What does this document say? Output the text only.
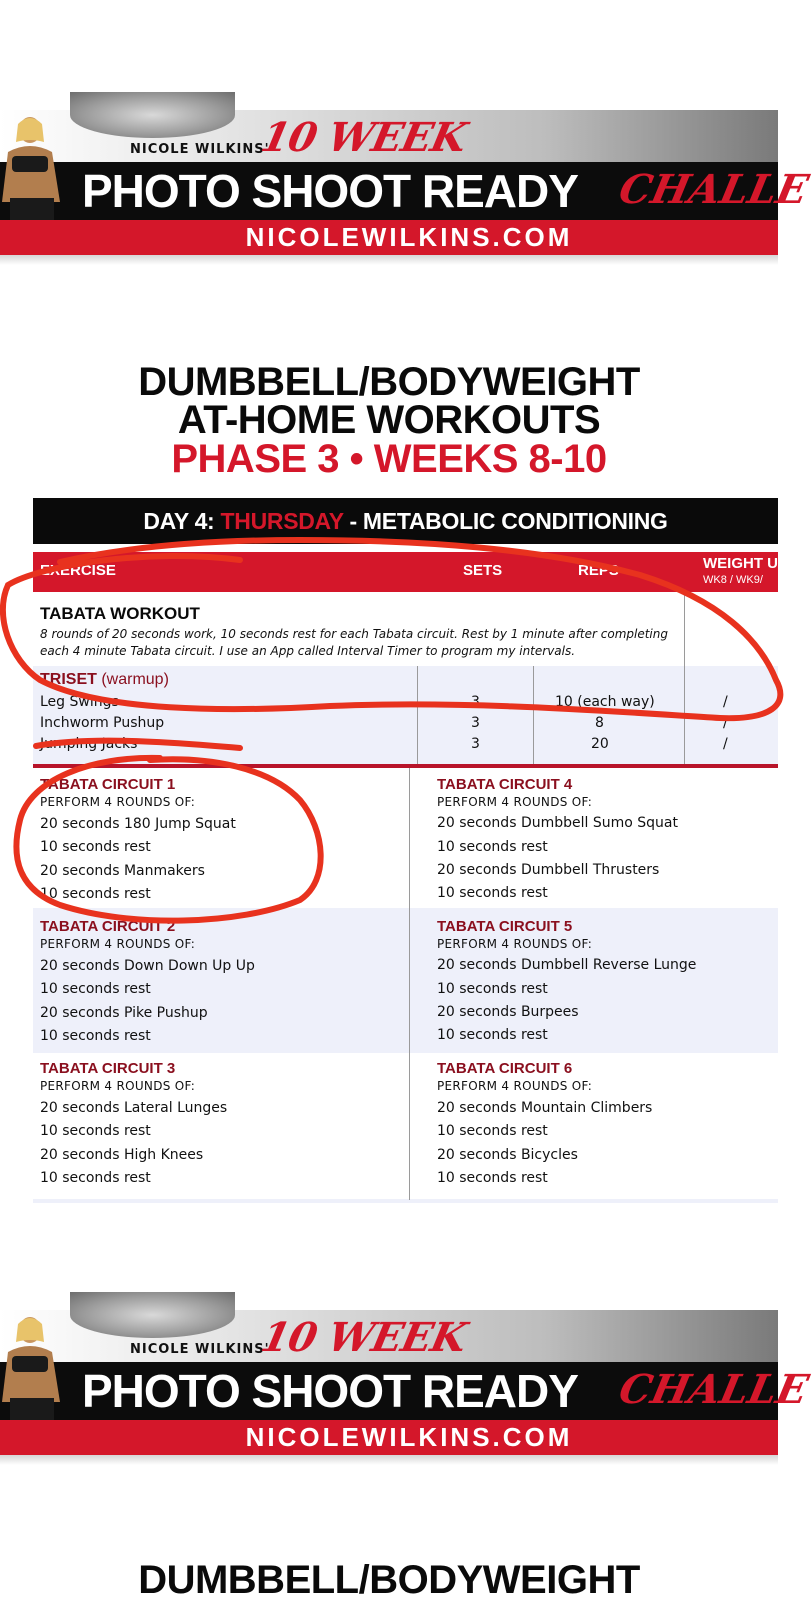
NICOLE WILKINS'
10 WEEK
PHOTO SHOOT READY CHALLE
NICOLEWILKINS.COM
DUMBBELL/BODYWEIGHT
AT-HOME WORKOUTS
PHASE 3 • WEEKS 8-10
DAY 4: THURSDAY - METABOLIC CONDITIONING
EXERCISE	SETS	REPS	WEIGHT U
WK8 / WK9/
TABATA WORKOUT
8 rounds of 20 seconds work, 10 seconds rest for each Tabata circuit. Rest by 1 minute after completing each 4 minute Tabata circuit. I use an App called Interval Timer to program my intervals.
TRISET (warmup)
Leg Swings	3	10 (each way)	/
Inchworm Pushup	3	8	/
Jumping Jacks	3	20	/
TABATA CIRCUIT 1
PERFORM 4 ROUNDS OF:
20 seconds 180 Jump Squat
10 seconds rest
20 seconds Manmakers
10 seconds rest
TABATA CIRCUIT 2
PERFORM 4 ROUNDS OF:
20 seconds Down Down Up Up
10 seconds rest
20 seconds Pike Pushup
10 seconds rest
TABATA CIRCUIT 3
PERFORM 4 ROUNDS OF:
20 seconds Lateral Lunges
10 seconds rest
20 seconds High Knees
10 seconds rest
TABATA CIRCUIT 4
PERFORM 4 ROUNDS OF:
20 seconds Dumbbell Sumo Squat
10 seconds rest
20 seconds Dumbbell Thrusters
10 seconds rest
TABATA CIRCUIT 5
PERFORM 4 ROUNDS OF:
20 seconds Dumbbell Reverse Lunge
10 seconds rest
20 seconds Burpees
10 seconds rest
TABATA CIRCUIT 6
PERFORM 4 ROUNDS OF:
20 seconds Mountain Climbers
10 seconds rest
20 seconds Bicycles
10 seconds rest
NICOLE WILKINS'
10 WEEK
PHOTO SHOOT READY CHALLE
NICOLEWILKINS.COM
DUMBBELL/BODYWEIGHT
